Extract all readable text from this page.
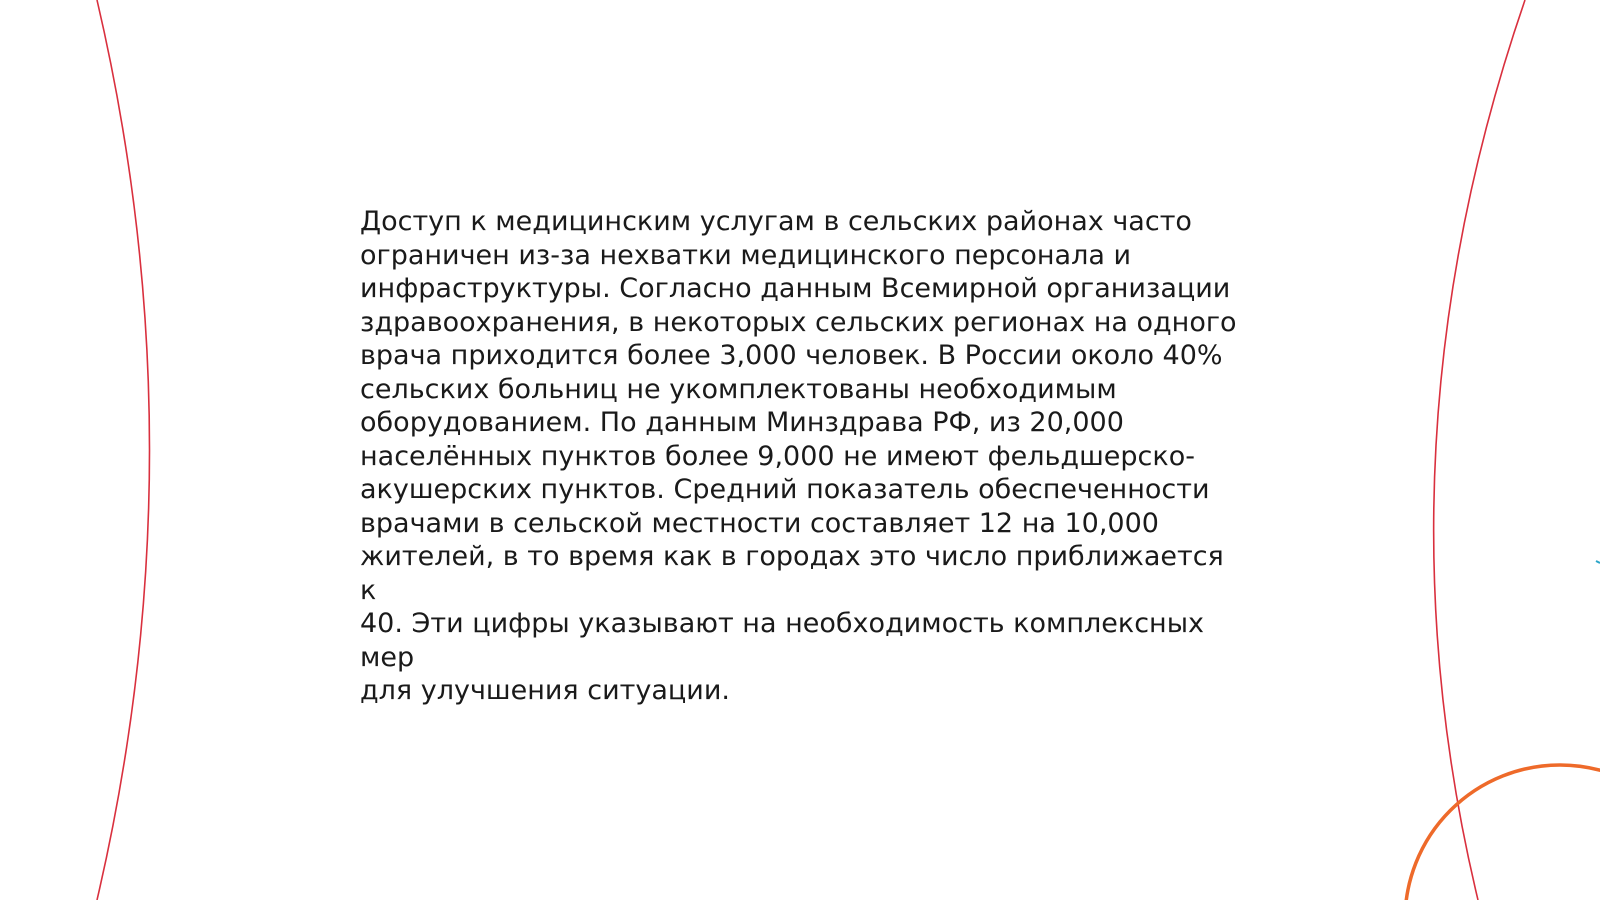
Доступ к медицинским услугам в сельских районах часто
ограничен из-за нехватки медицинского персонала и
инфраструктуры. Согласно данным Всемирной организации
здравоохранения, в некоторых сельских регионах на одного
врача приходится более 3,000 человек. В России около 40%
сельских больниц не укомплектованы необходимым
оборудованием. По данным Минздрава РФ, из 20,000
населённых пунктов более 9,000 не имеют фельдшерско-
акушерских пунктов. Средний показатель обеспеченности
врачами в сельской местности составляет 12 на 10,000
жителей, в то время как в городах это число приближается к
40. Эти цифры указывают на необходимость комплексных мер
для улучшения ситуации.
